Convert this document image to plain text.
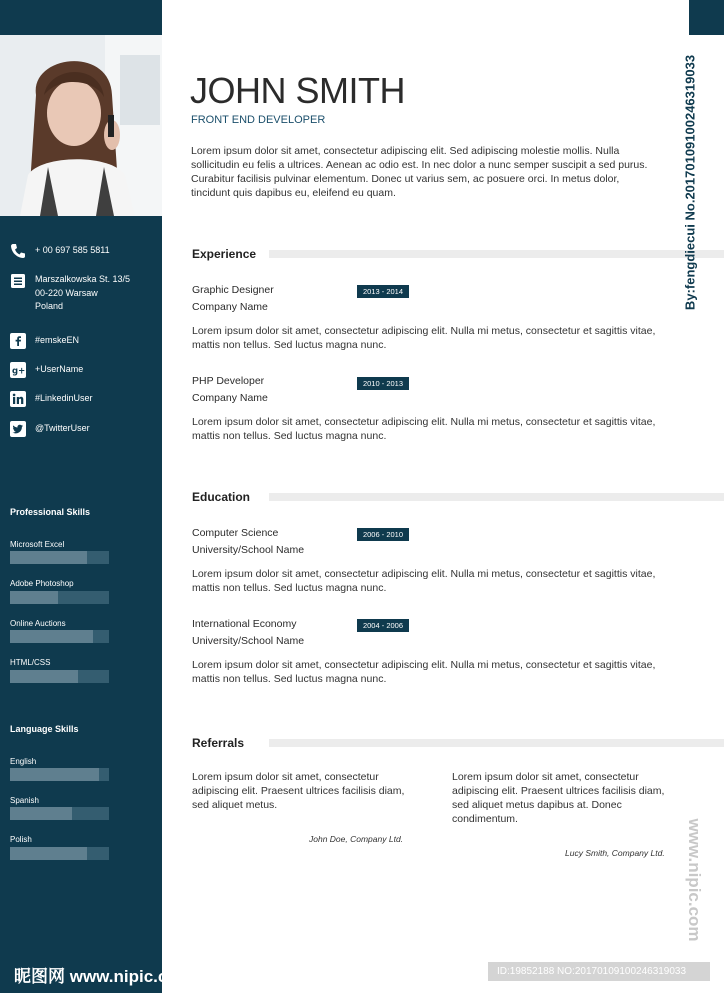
+ 00 697 585 5811
Marszalkowska St. 13/5
00-220 Warsaw
Poland
#emskeEN
g+ +UserName
#LinkedinUser
@TwitterUser
Professional Skills
Microsoft Excel
Adobe Photoshop
Online Auctions
HTML/CSS
Language Skills
English
Spanish
Polish
昵图网 www.nipic.com
JOHN SMITH
FRONT END DEVELOPER
Lorem ipsum dolor sit amet, consectetur adipiscing elit. Sed adipiscing molestie mollis. Nulla sollicitudin eu felis a ultrices. Aenean ac odio est. In nec dolor a nunc semper suscipit a sed purus. Curabitur facilisis pulvinar elementum. Donec ut varius sem, ac posuere orci. In metus dolor, tincidunt quis dapibus eu, eleifend eu quam.
Experience
Graphic Designer	2013 - 2014
Company Name
Lorem ipsum dolor sit amet, consectetur adipiscing elit. Nulla mi metus, consectetur et sagittis vitae, mattis non tellus. Sed luctus magna nunc.
PHP Developer	2010 - 2013
Company Name
Lorem ipsum dolor sit amet, consectetur adipiscing elit. Nulla mi metus, consectetur et sagittis vitae, mattis non tellus. Sed luctus magna nunc.
Education
Computer Science	2006 - 2010
University/School Name
Lorem ipsum dolor sit amet, consectetur adipiscing elit. Nulla mi metus, consectetur et sagittis vitae, mattis non tellus. Sed luctus magna nunc.
International Economy	2004 - 2006
University/School Name
Lorem ipsum dolor sit amet, consectetur adipiscing elit. Nulla mi metus, consectetur et sagittis vitae, mattis non tellus. Sed luctus magna nunc.
Referrals
Lorem ipsum dolor sit amet, consectetur adipiscing elit. Praesent ultrices facilisis diam, sed aliquet metus.
John Doe, Company Ltd.
Lorem ipsum dolor sit amet, consectetur adipiscing elit. Praesent ultrices facilisis diam, sed aliquet metus dapibus at. Donec condimentum.
Lucy Smith, Company Ltd.
By:fengdiecui No.20170109100246319033
www.nipic.com
ID:19852188 NO:20170109100246319033
